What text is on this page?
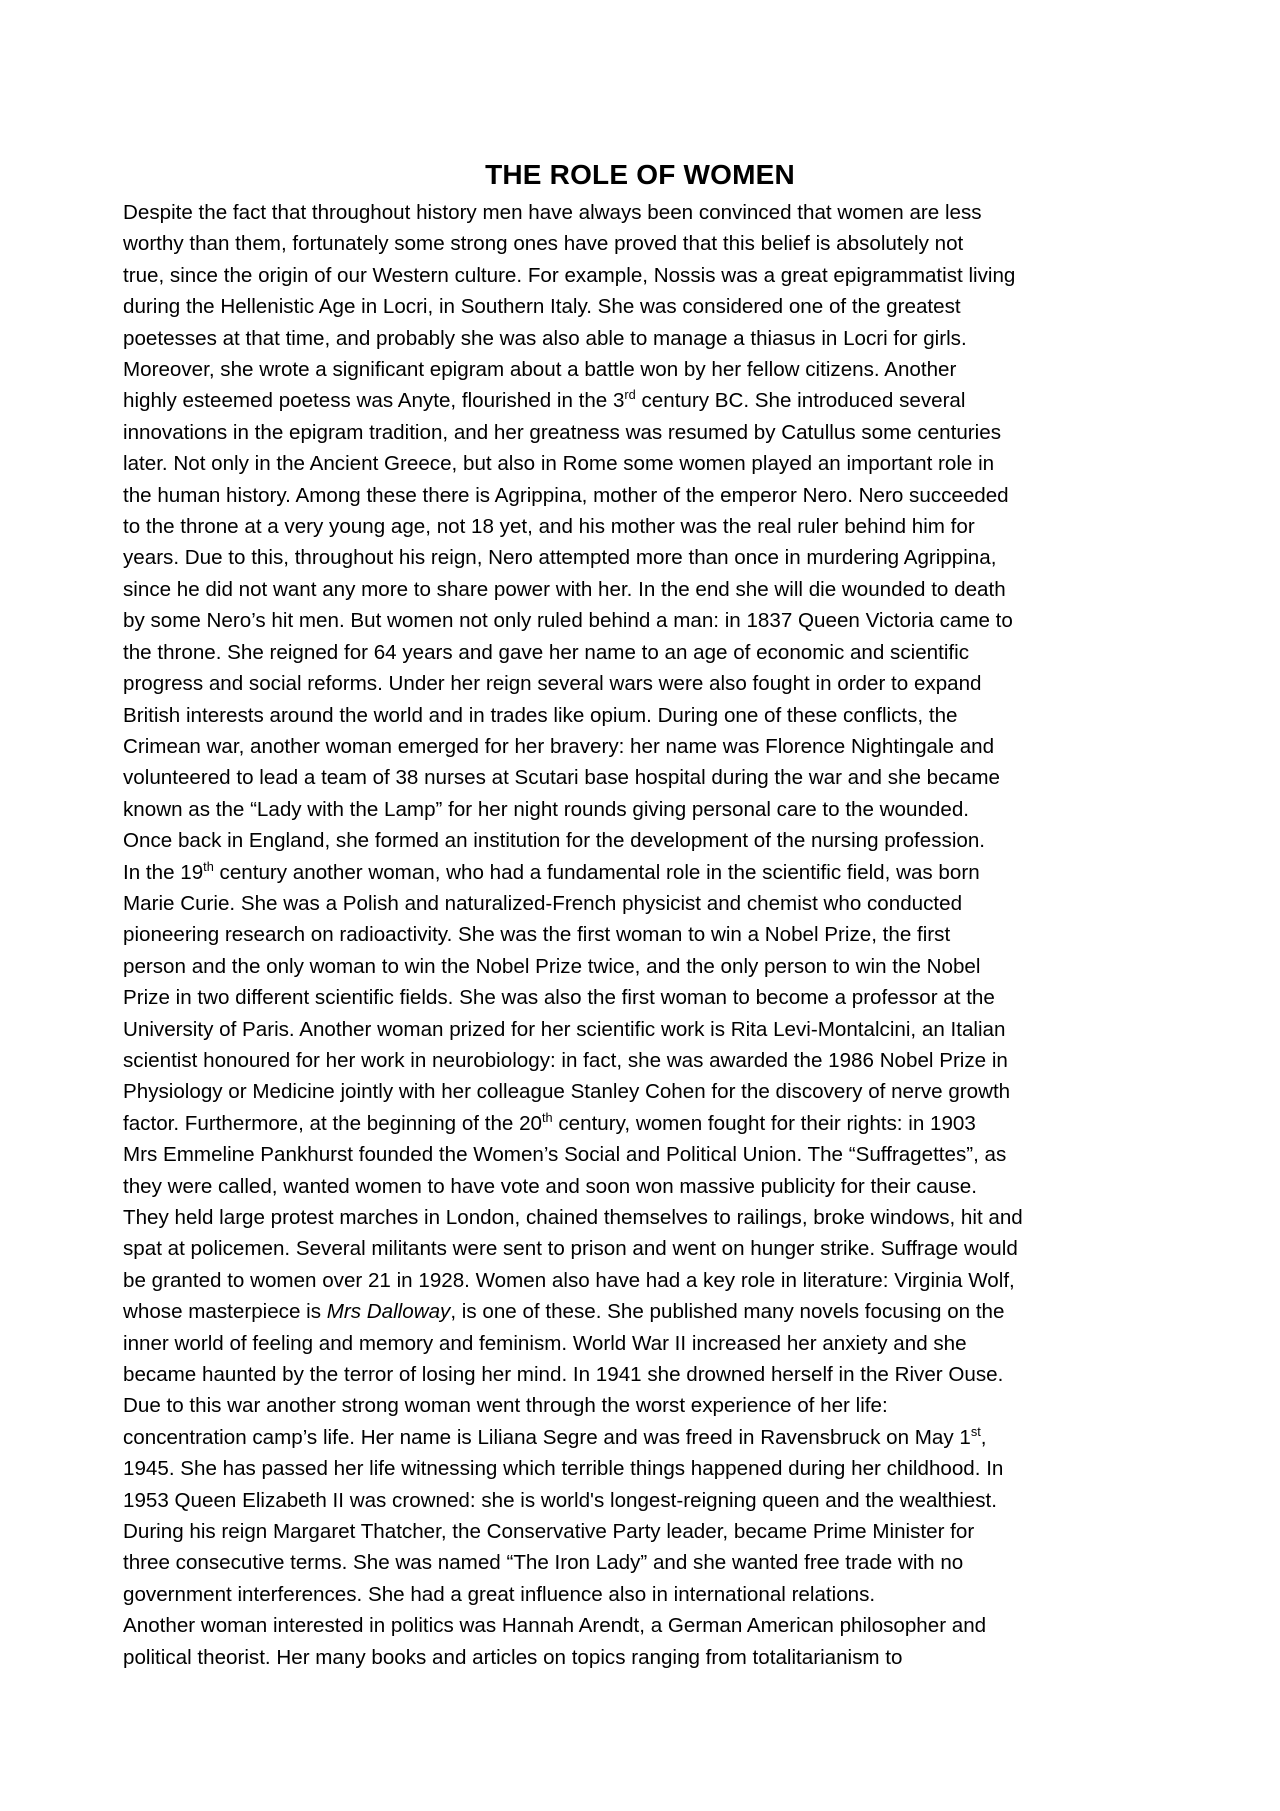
THE ROLE OF WOMEN
Despite the fact that throughout history men have always been convinced that women are less
worthy than them, fortunately some strong ones have proved that this belief is absolutely not
true, since the origin of our Western culture. For example, Nossis was a great epigrammatist living
during the Hellenistic Age in Locri, in Southern Italy. She was considered one of the greatest
poetesses at that time, and probably she was also able to manage a thiasus in Locri for girls.
Moreover, she wrote a significant epigram about a battle won by her fellow citizens. Another
highly esteemed poetess was Anyte, flourished in the 3rd century BC. She introduced several
innovations in the epigram tradition, and her greatness was resumed by Catullus some centuries
later. Not only in the Ancient Greece, but also in Rome some women played an important role in
the human history. Among these there is Agrippina, mother of the emperor Nero. Nero succeeded
to the throne at a very young age, not 18 yet, and his mother was the real ruler behind him for
years. Due to this, throughout his reign, Nero attempted more than once in murdering Agrippina,
since he did not want any more to share power with her. In the end she will die wounded to death
by some Nero’s hit men. But women not only ruled behind a man: in 1837 Queen Victoria came to
the throne. She reigned for 64 years and gave her name to an age of economic and scientific
progress and social reforms. Under her reign several wars were also fought in order to expand
British interests around the world and in trades like opium. During one of these conflicts, the
Crimean war, another woman emerged for her bravery: her name was Florence Nightingale and
volunteered to lead a team of 38 nurses at Scutari base hospital during the war and she became
known as the “Lady with the Lamp” for her night rounds giving personal care to the wounded.
Once back in England, she formed an institution for the development of the nursing profession.
In the 19th century another woman, who had a fundamental role in the scientific field, was born
Marie Curie. She was a Polish and naturalized-French physicist and chemist who conducted
pioneering research on radioactivity. She was the first woman to win a Nobel Prize, the first
person and the only woman to win the Nobel Prize twice, and the only person to win the Nobel
Prize in two different scientific fields. She was also the first woman to become a professor at the
University of Paris. Another woman prized for her scientific work is Rita Levi-Montalcini, an Italian
scientist honoured for her work in neurobiology: in fact, she was awarded the 1986 Nobel Prize in
Physiology or Medicine jointly with her colleague Stanley Cohen for the discovery of nerve growth
factor. Furthermore, at the beginning of the 20th century, women fought for their rights: in 1903
Mrs Emmeline Pankhurst founded the Women’s Social and Political Union. The “Suffragettes”, as
they were called, wanted women to have vote and soon won massive publicity for their cause.
They held large protest marches in London, chained themselves to railings, broke windows, hit and
spat at policemen. Several militants were sent to prison and went on hunger strike. Suffrage would
be granted to women over 21 in 1928. Women also have had a key role in literature: Virginia Wolf,
whose masterpiece is Mrs Dalloway, is one of these. She published many novels focusing on the
inner world of feeling and memory and feminism. World War II increased her anxiety and she
became haunted by the terror of losing her mind. In 1941 she drowned herself in the River Ouse.
Due to this war another strong woman went through the worst experience of her life:
concentration camp’s life. Her name is Liliana Segre and was freed in Ravensbruck on May 1st,
1945. She has passed her life witnessing which terrible things happened during her childhood. In
1953 Queen Elizabeth II was crowned: she is world's longest-reigning queen and the wealthiest.
During his reign Margaret Thatcher, the Conservative Party leader, became Prime Minister for
three consecutive terms. She was named “The Iron Lady” and she wanted free trade with no
government interferences. She had a great influence also in international relations.
Another woman interested in politics was Hannah Arendt, a German American philosopher and
political theorist. Her many books and articles on topics ranging from totalitarianism to
